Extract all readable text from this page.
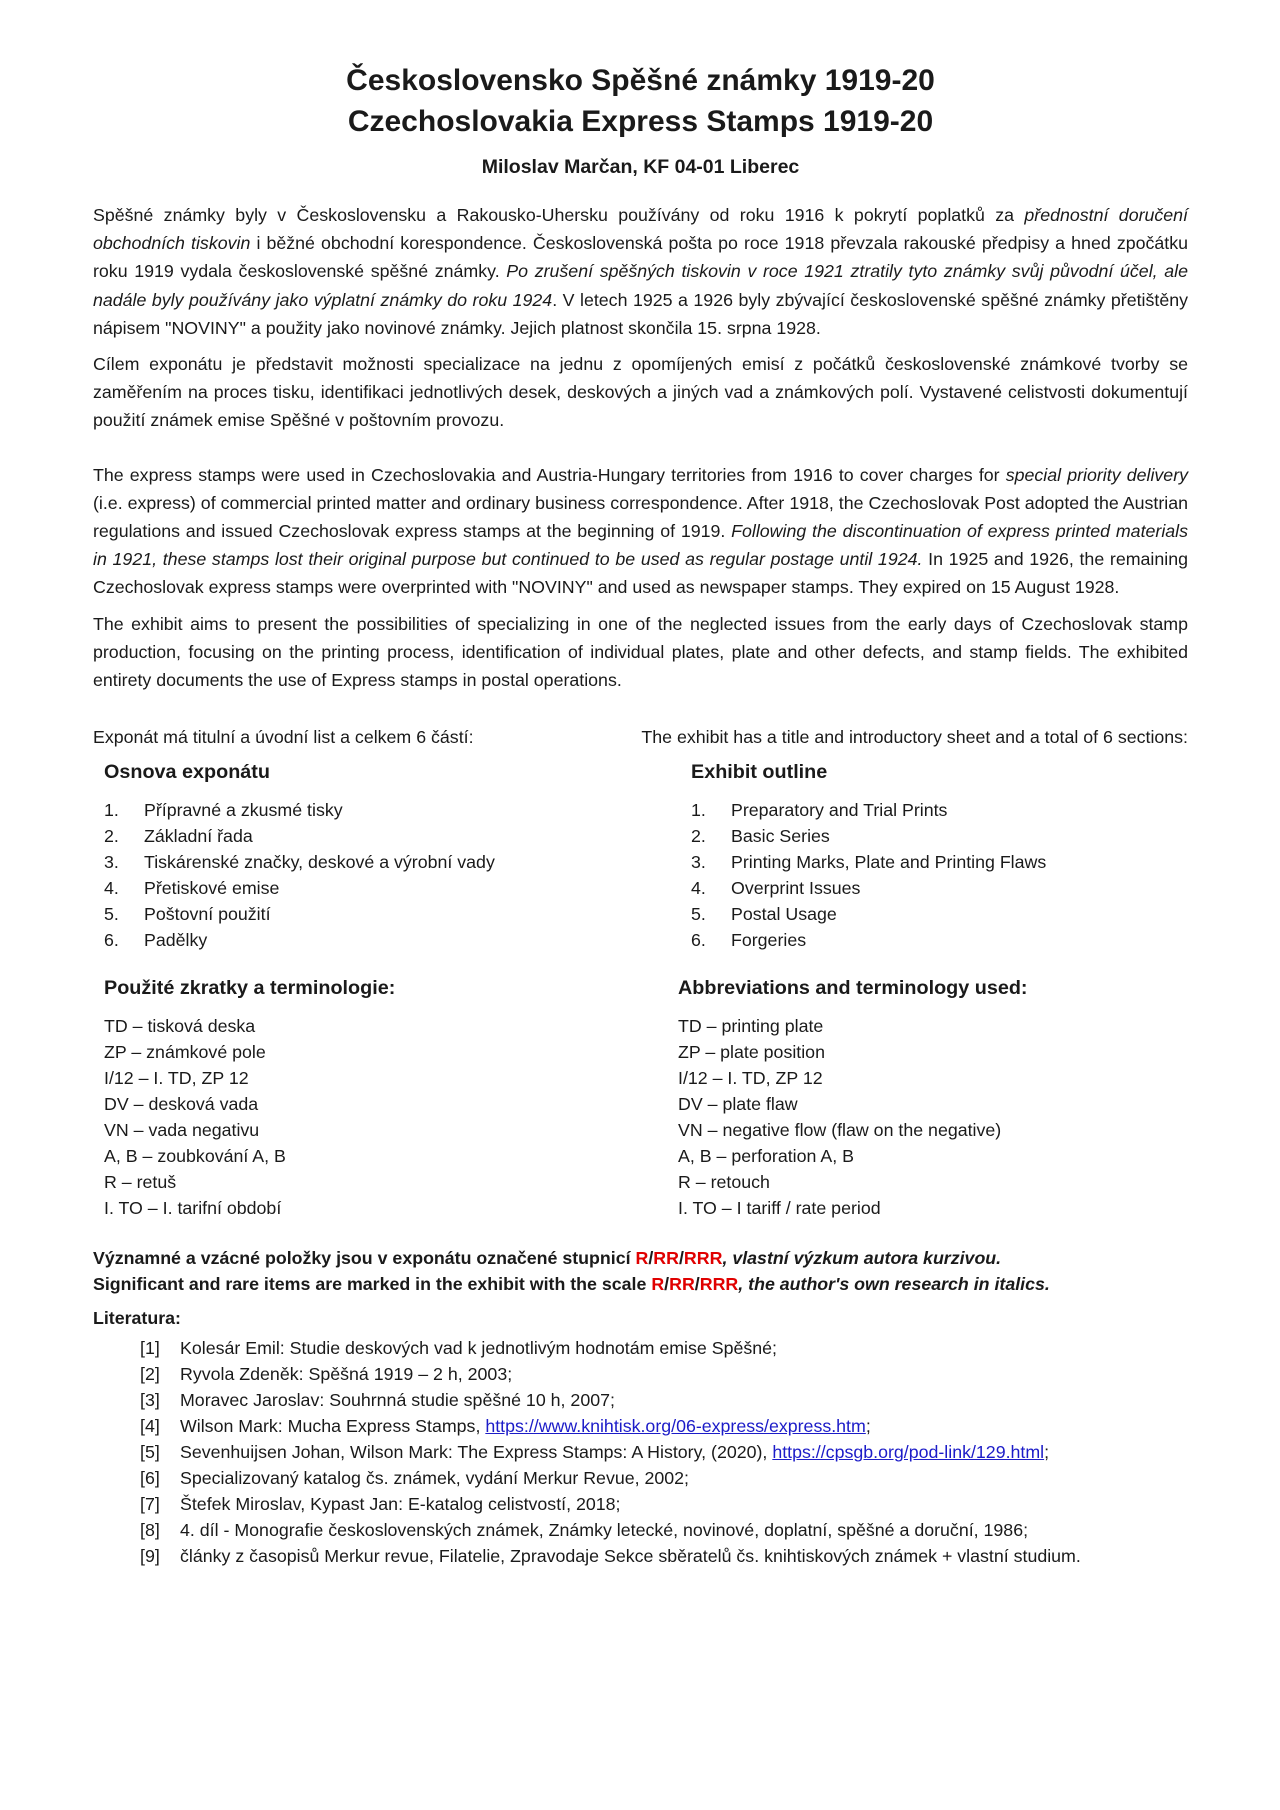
Československo Spěšné známky 1919-20
Czechoslovakia Express Stamps 1919-20
Miloslav Marčan, KF 04-01 Liberec

Spěšné známky byly v Československu a Rakousko-Uhersku používány od roku 1916 k pokrytí poplatků za přednostní doručení obchodních tiskovin i běžné obchodní korespondence. Československá pošta po roce 1918 převzala rakouské předpisy a hned zpočátku roku 1919 vydala československé spěšné známky. Po zrušení spěšných tiskovin v roce 1921 ztratily tyto známky svůj původní účel, ale nadále byly používány jako výplatní známky do roku 1924. V letech 1925 a 1926 byly zbývající československé spěšné známky přetištěny nápisem "NOVINY" a použity jako novinové známky. Jejich platnost skončila 15. srpna 1928.

Cílem exponátu je představit možnosti specializace na jednu z opomíjených emisí z počátků československé známkové tvorby se zaměřením na proces tisku, identifikaci jednotlivých desek, deskových a jiných vad a známkových polí. Vystavené celistvosti dokumentují použití známek emise Spěšné v poštovním provozu.

The express stamps were used in Czechoslovakia and Austria-Hungary territories from 1916 to cover charges for special priority delivery (i.e. express) of commercial printed matter and ordinary business correspondence. After 1918, the Czechoslovak Post adopted the Austrian regulations and issued Czechoslovak express stamps at the beginning of 1919. Following the discontinuation of express printed materials in 1921, these stamps lost their original purpose but continued to be used as regular postage until 1924. In 1925 and 1926, the remaining Czechoslovak express stamps were overprinted with "NOVINY" and used as newspaper stamps. They expired on 15 August 1928.

The exhibit aims to present the possibilities of specializing in one of the neglected issues from the early days of Czechoslovak stamp production, focusing on the printing process, identification of individual plates, plate and other defects, and stamp fields. The exhibited entirety documents the use of Express stamps in postal operations.

Exponát má titulní a úvodní list a celkem 6 částí:	The exhibit has a title and introductory sheet and a total of 6 sections:
Osnova exponátu
1.	Přípravné a zkusmé tisky
2.	Základní řada
3.	Tiskárenské značky, deskové a výrobní vady
4.	Přetiskové emise
5.	Poštovní použití
6.	Padělky
Exhibit outline
1.	Preparatory and Trial Prints
2.	Basic Series
3.	Printing Marks, Plate and Printing Flaws
4.	Overprint Issues
5.	Postal Usage
6.	Forgeries
Použité zkratky a terminologie:
TD – tisková deska
ZP – známkové pole
I/12 – I. TD, ZP 12
DV – desková vada
VN – vada negativu
A, B – zoubkování A, B
R – retuš
I. TO – I. tarifní období
Abbreviations and terminology used:
TD – printing plate
ZP – plate position
I/12 – I. TD, ZP 12
DV – plate flaw
VN – negative flow (flaw on the negative)
A, B – perforation A, B
R – retouch
I. TO – I tariff / rate period
Významné a vzácné položky jsou v exponátu označené stupnicí R/RR/RRR, vlastní výzkum autora kurzivou.
Significant and rare items are marked in the exhibit with the scale R/RR/RRR, the author's own research in italics.
Literatura:
[1]	Kolesár Emil: Studie deskových vad k jednotlivým hodnotám emise Spěšné;
[2]	Ryvola Zdeněk: Spěšná 1919 – 2 h, 2003;
[3]	Moravec Jaroslav: Souhrnná studie spěšné 10 h, 2007;
[4]	Wilson Mark: Mucha Express Stamps, https://www.knihtisk.org/06-express/express.htm;
[5]	Sevenhuijsen Johan, Wilson Mark: The Express Stamps: A History, (2020), https://cpsgb.org/pod-link/129.html;
[6]	Specializovaný katalog čs. známek, vydání Merkur Revue, 2002;
[7]	Štefek Miroslav, Kypast Jan: E-katalog celistvostí, 2018;
[8]	4. díl - Monografie československých známek, Známky letecké, novinové, doplatní, spěšné a doruční, 1986;
[9]	články z časopisů Merkur revue, Filatelie, Zpravodaje Sekce sběratelů čs. knihtiskových známek + vlastní studium.
